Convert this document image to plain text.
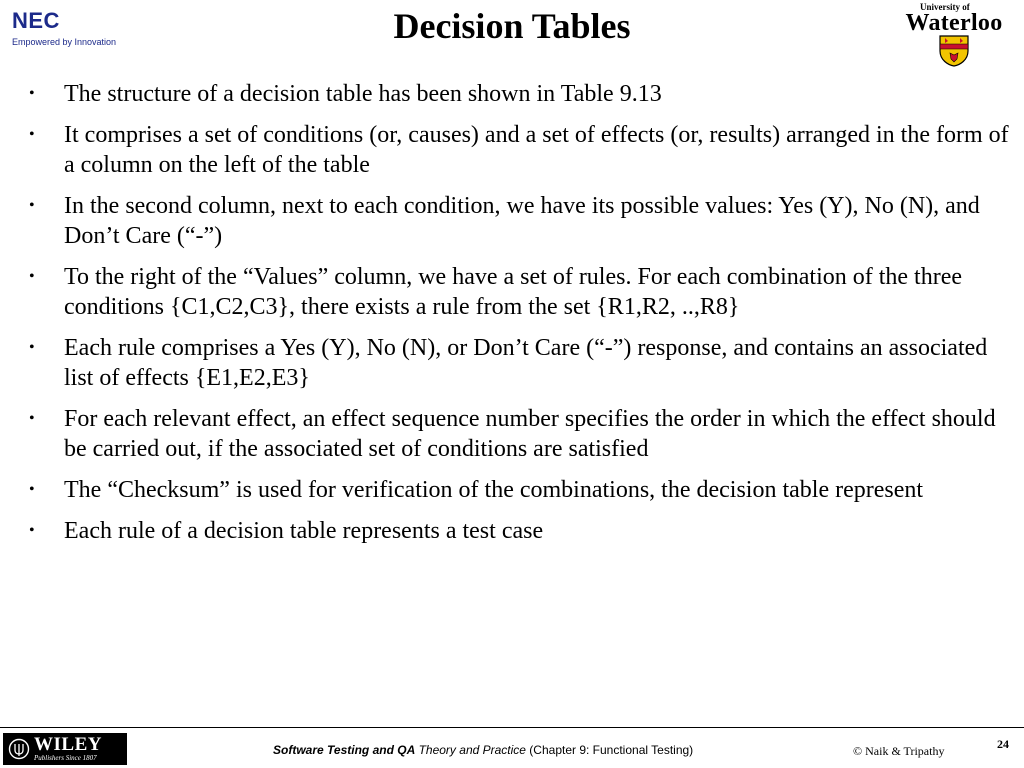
NEC
Empowered by Innovation	Decision Tables	University of
Waterloo
• The structure of a decision table has been shown in Table 9.13
• It comprises a set of conditions (or, causes) and a set of effects (or, results) arranged in the form of a column on the left of the table
• In the second column, next to each condition, we have its possible values: Yes (Y), No (N), and Don’t Care (“-”)
• To the right of the “Values” column, we have a set of rules. For each combination of the three conditions {C1,C2,C3}, there exists a rule from the set {R1,R2, ..,R8}
• Each rule comprises a Yes (Y), No (N), or Don’t Care (“-”) response, and contains an associated list of effects {E1,E2,E3}
• For each relevant effect, an effect sequence number specifies the order in which the effect should be carried out, if the associated set of conditions are satisfied
• The “Checksum” is used for verification of the combinations, the decision table represent
• Each rule of a decision table represents a test case
WILEY
Publishers Since 1807
Software Testing and QA Theory and Practice (Chapter 9: Functional Testing)	© Naik & Tripathy	24
